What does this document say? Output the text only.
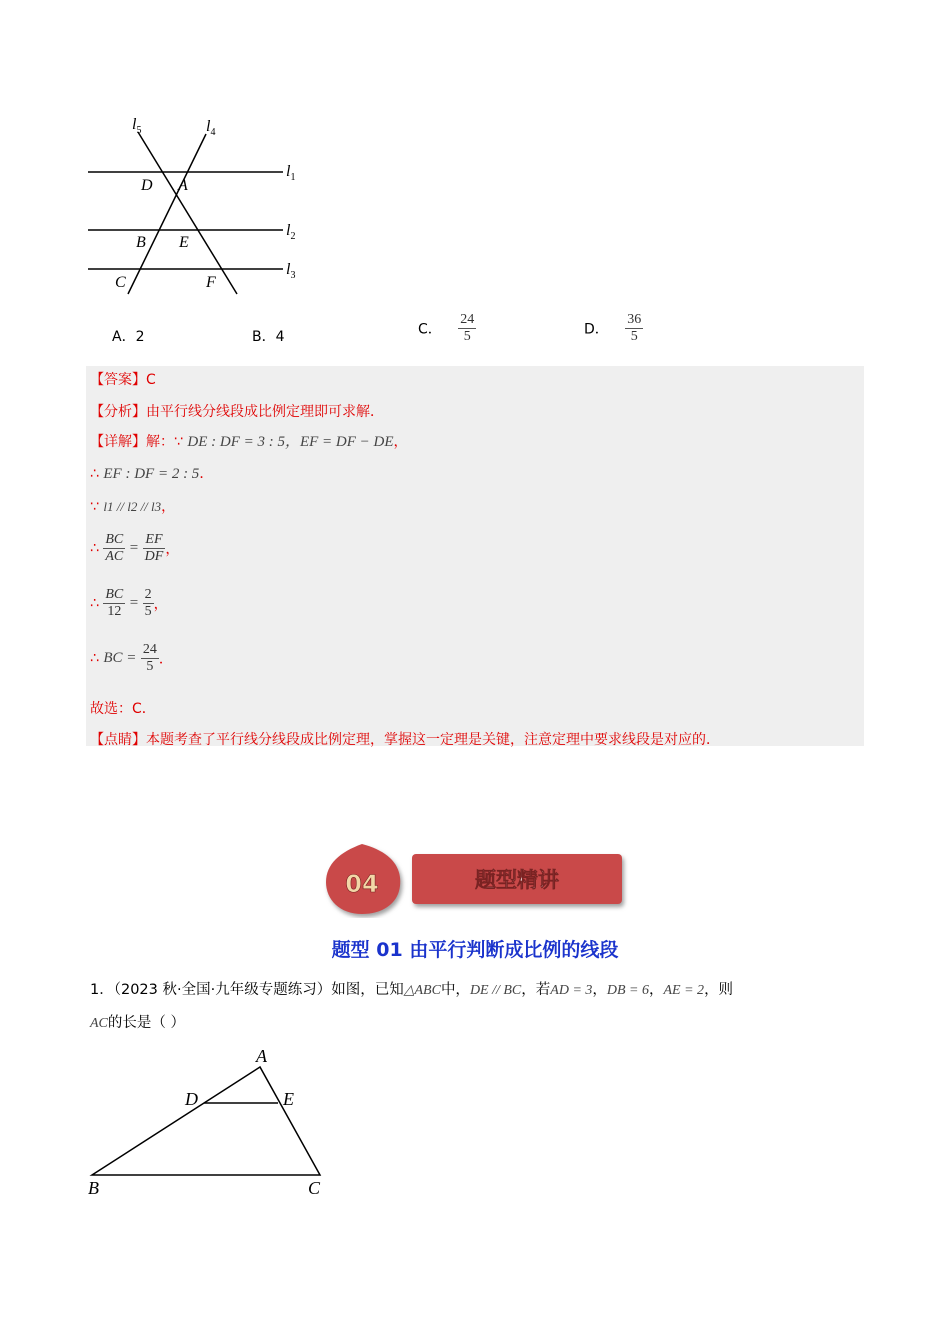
$l_5$	$l_4$
$l_1$
$l_2$
$l_3$
D A
B E
C	F
A．2	B．4	C． $\frac{24}{5}$	D． $\frac{36}{5}$
【答案】C
【分析】由平行线分线段成比例定理即可求解．
【详解】解：∵ DE : DF = 3 : 5，EF = DF − DE，
∴ EF : DF = 2 : 5．
∵ l1 // l2 // l3，
∴ $\frac{BC}{AC} = \frac{EF}{DF}$ ，
∴ $\frac{BC}{12} = \frac{2}{5}$ ，
∴ BC = $\frac{24}{5}$ ．
故选：C．
【点睛】本题考查了平行线分线段成比例定理，掌握这一定理是关键，注意定理中要求线段是对应的．
04	题型精讲
题型 01 由平行判断成比例的线段
1．（2023 秋·全国·九年级专题练习）如图，已知△ABC中，DE // BC，若AD = 3，DB = 6，AE = 2，则
AC的长是（ ）
A
D	E
B	C
